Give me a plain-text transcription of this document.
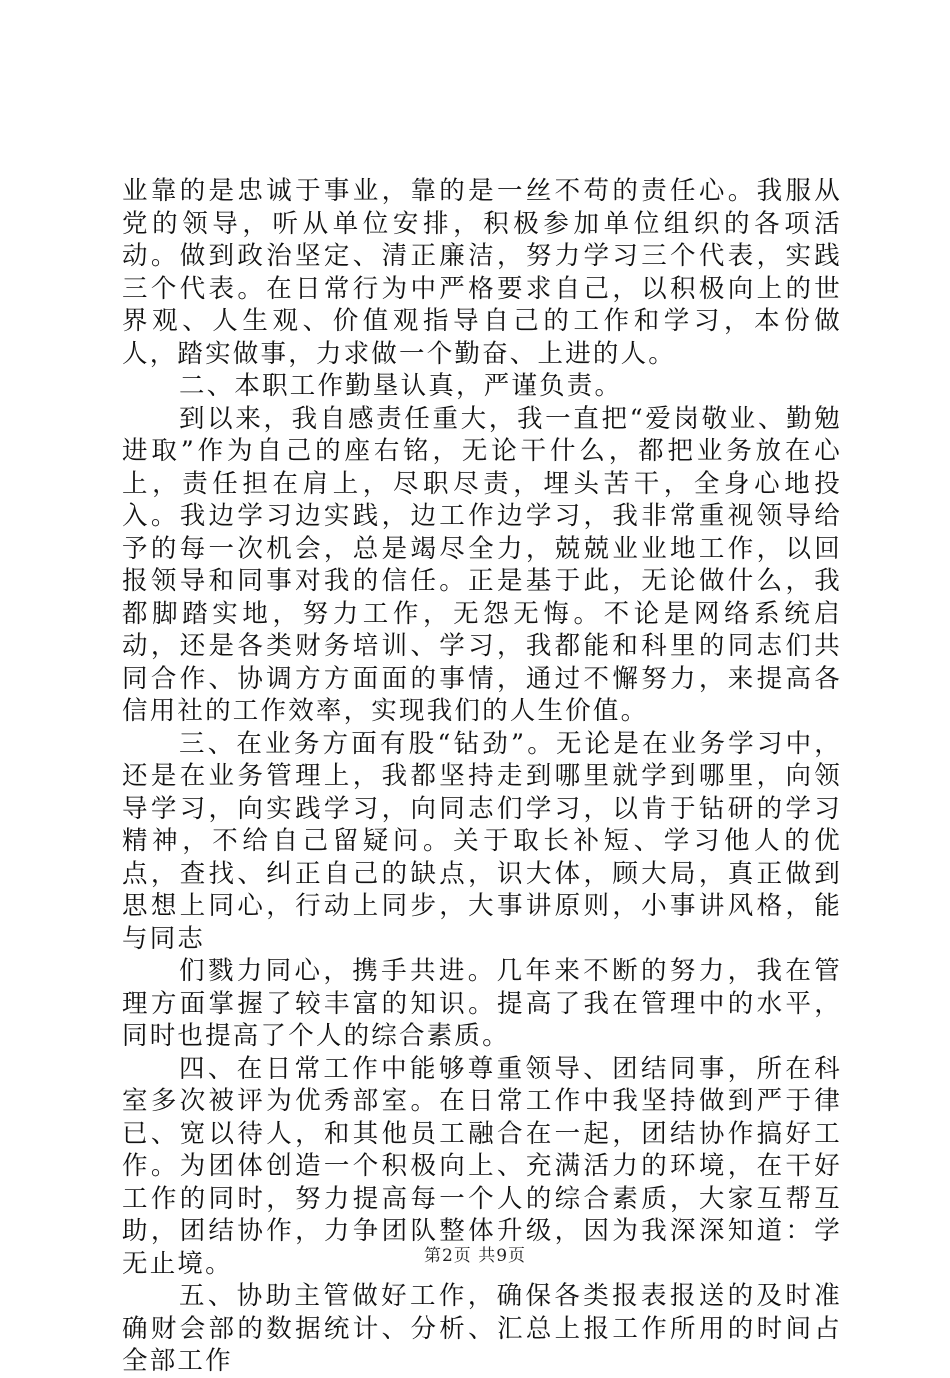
业靠的是忠诚于事业，靠的是一丝不苟的责任心。我服从党的领导，听从单位安排，积极参加单位组织的各项活动。做到政治坚定、清正廉洁，努力学习三个代表，实践三个代表。在日常行为中严格要求自己，以积极向上的世界观、人生观、价值观指导自己的工作和学习，本份做人，踏实做事，力求做一个勤奋、上进的人。

二、本职工作勤垦认真，严谨负责。

到以来，我自感责任重大，我一直把“爱岗敬业、勤勉进取”作为自己的座右铭，无论干什么，都把业务放在心上，责任担在肩上，尽职尽责，埋头苦干，全身心地投入。我边学习边实践，边工作边学习，我非常重视领导给予的每一次机会，总是竭尽全力，兢兢业业地工作，以回报领导和同事对我的信任。正是基于此，无论做什么，我都脚踏实地，努力工作，无怨无悔。不论是网络系统启动，还是各类财务培训、学习，我都能和科里的同志们共同合作、协调方方面面的事情，通过不懈努力，来提高各信用社的工作效率，实现我们的人生价值。

三、在业务方面有股“钻劲”。无论是在业务学习中，还是在业务管理上，我都坚持走到哪里就学到哪里，向领导学习，向实践学习，向同志们学习，以肯于钻研的学习精神，不给自己留疑问。关于取长补短、学习他人的优点，查找、纠正自己的缺点，识大体，顾大局，真正做到思想上同心，行动上同步，大事讲原则，小事讲风格，能与同志

们戮力同心，携手共进。几年来不断的努力，我在管理方面掌握了较丰富的知识。提高了我在管理中的水平，同时也提高了个人的综合素质。

四、在日常工作中能够尊重领导、团结同事，所在科室多次被评为优秀部室。在日常工作中我坚持做到严于律已、宽以待人，和其他员工融合在一起，团结协作搞好工作。为团体创造一个积极向上、充满活力的环境，在干好工作的同时，努力提高每一个人的综合素质，大家互帮互助，团结协作，力争团队整体升级，因为我深深知道：学无止境。

五、协助主管做好工作，确保各类报表报送的及时准确财会部的数据统计、分析、汇总上报工作所用的时间占全部工作

第2页 共9页
